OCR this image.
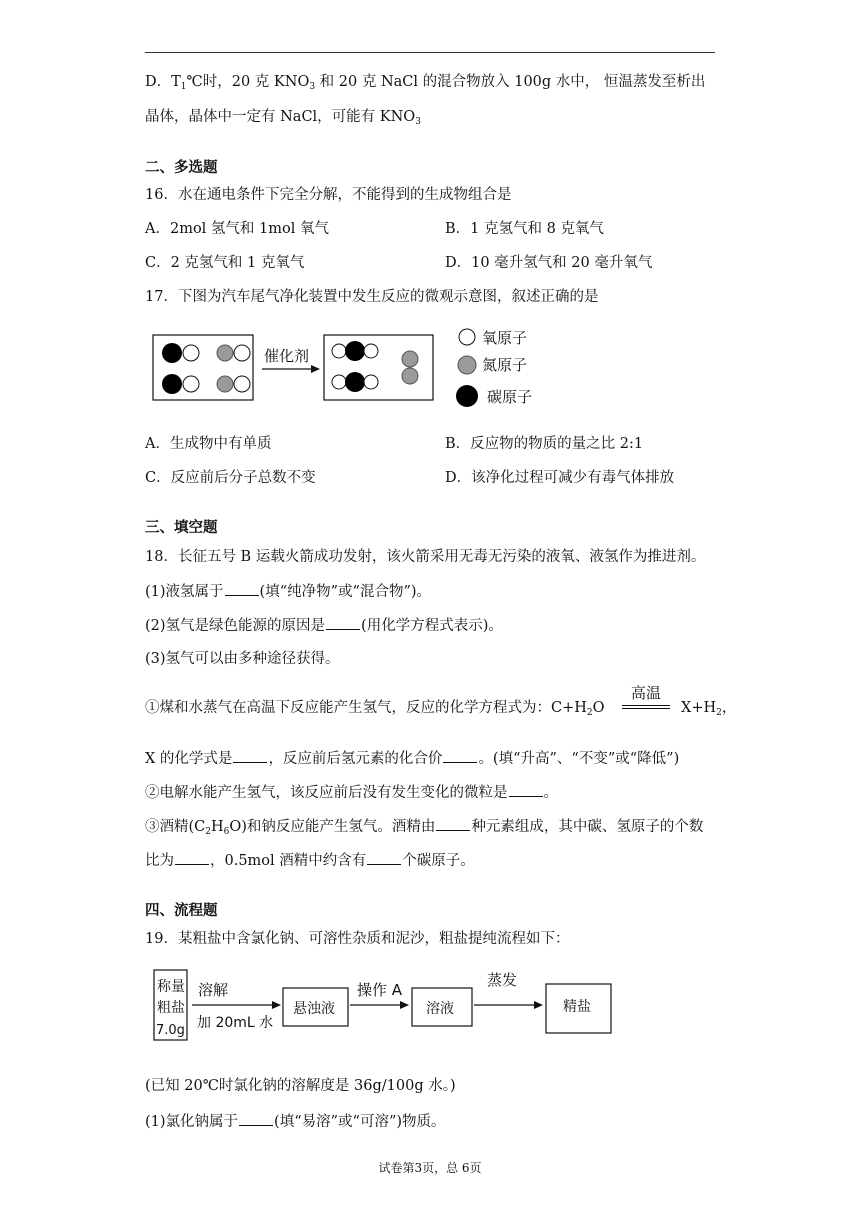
D．$T_1℃$时，20 克 $KNO_3$ 和 20 克 NaCl 的混合物放入 100g 水中， 恒温蒸发至析出
晶体，晶体中一定有 NaCl，可能有 $KNO_3$
二、多选题
16．水在通电条件下完全分解，不能得到的生成物组合是
A．2mol 氢气和 1mol 氧气	B．1 克氢气和 8 克氧气
C．2 克氢气和 1 克氧气	D．10 毫升氢气和 20 毫升氧气
17．下图为汽车尾气净化装置中发生反应的微观示意图，叙述正确的是
催化剂
氧原子
氮原子
碳原子
A．生成物中有单质	B．反应物的物质的量之比 2:1
C．反应前后分子总数不变	D．该净化过程可减少有毒气体排放
三、填空题
18．长征五号 B 运载火箭成功发射，该火箭采用无毒无污染的液氧、液氢作为推进剂。
(1)液氢属于 (填“纯净物”或“混合物”)。
(2)氢气是绿色能源的原因是 (用化学方程式表示)。
(3)氢气可以由多种途径获得。
①煤和水蒸气在高温下反应能产生氢气，反应的化学方程式为：$C+H_2O$
高温
$X+H_2$，
X 的化学式是 ，反应前后氢元素的化合价 。(填“升高”、“不变”或“降低”)
②电解水能产生氢气，该反应前后没有发生变化的微粒是 。
③酒精$(C_2H_6O)$和钠反应能产生氢气。酒精由 种元素组成，其中碳、氢原子的个数
比为 ，0.5mol 酒精中约含有 个碳原子。
四、流程题
19．某粗盐中含氯化钠、可溶性杂质和泥沙，粗盐提纯流程如下：
称量
粗盐
7.0g
溶解
加 20mL 水
悬浊液
操作 A
溶液
蒸发
精盐
(已知 20℃时氯化钠的溶解度是 36g/100g 水。)
(1)氯化钠属于 (填“易溶”或“可溶”)物质。
试卷第3页，总 6页
